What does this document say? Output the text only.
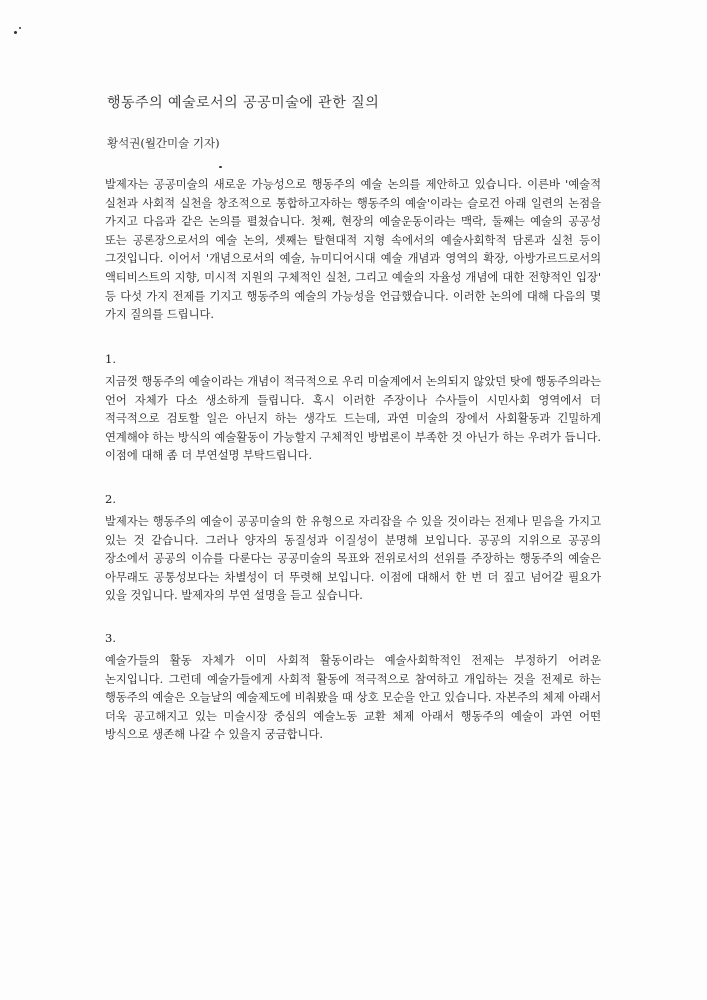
행동주의 예술로서의 공공미술에 관한 질의
황석권(월간미술 기자)

발제자는 공공미술의 새로운 가능성으로 행동주의 예술 논의를 제안하고 있습니다. 이른바 '예술적 실천과 사회적 실천을 창조적으로 통합하고자하는 행동주의 예술'이라는 슬로건 아래 일련의 논점을 가지고 다음과 같은 논의를 펼쳤습니다. 첫째, 현장의 예술운동이라는 맥락, 둘째는 예술의 공공성 또는 공론장으로서의 예술 논의, 셋째는 탈현대적 지형 속에서의 예술사회학적 담론과 실천 등이 그것입니다. 이어서 '개념으로서의 예술, 뉴미디어시대 예술 개념과 영역의 확장, 아방가르드로서의 액티비스트의 지향, 미시적 지원의 구체적인 실천, 그리고 예술의 자율성 개념에 대한 전향적인 입장' 등 다섯 가지 전제를 기지고 행동주의 예술의 가능성을 언급했습니다. 이러한 논의에 대해 다음의 몇 가지 질의를 드립니다.

1.

지금껏 행동주의 예술이라는 개념이 적극적으로 우리 미술계에서 논의되지 않았던 탓에 행동주의라는 언어 자체가 다소 생소하게 들립니다. 혹시 이러한 주장이나 수사들이 시민사회 영역에서 더 적극적으로 검토할 일은 아닌지 하는 생각도 드는데, 과연 미술의 장에서 사회활동과 긴밀하게 연계해야 하는 방식의 예술활동이 가능할지 구체적인 방법론이 부족한 것 아닌가 하는 우려가 듭니다. 이점에 대해 좀 더 부연설명 부탁드립니다.

2.

발제자는 행동주의 예술이 공공미술의 한 유형으로 자리잡을 수 있을 것이라는 전제나 믿음을 가지고 있는 것 같습니다. 그러나 양자의 동질성과 이질성이 분명해 보입니다. 공공의 지위으로 공공의 장소에서 공공의 이슈를 다룬다는 공공미술의 목표와 전위로서의 선위를 주장하는 행동주의 예술은 아무래도 공통성보다는 차별성이 더 뚜렷해 보입니다. 이점에 대해서 한 번 더 짚고 넘어갈 필요가 있을 것입니다. 발제자의 부연 설명을 듣고 싶습니다.

3.

예술가들의 활동 자체가 이미 사회적 활동이라는 예술사회학적인 전제는 부정하기 어려운 논지입니다. 그런데 예술가들에게 사회적 활동에 적극적으로 참여하고 개입하는 것을 전제로 하는 행동주의 예술은 오늘날의 예술제도에 비춰봤을 때 상호 모순을 안고 있습니다. 자본주의 체제 아래서 더욱 공고해지고 있는 미술시장 중심의 예술노동 교환 체제 아래서 행동주의 예술이 과연 어떤 방식으로 생존해 나갈 수 있을지 궁금합니다.
